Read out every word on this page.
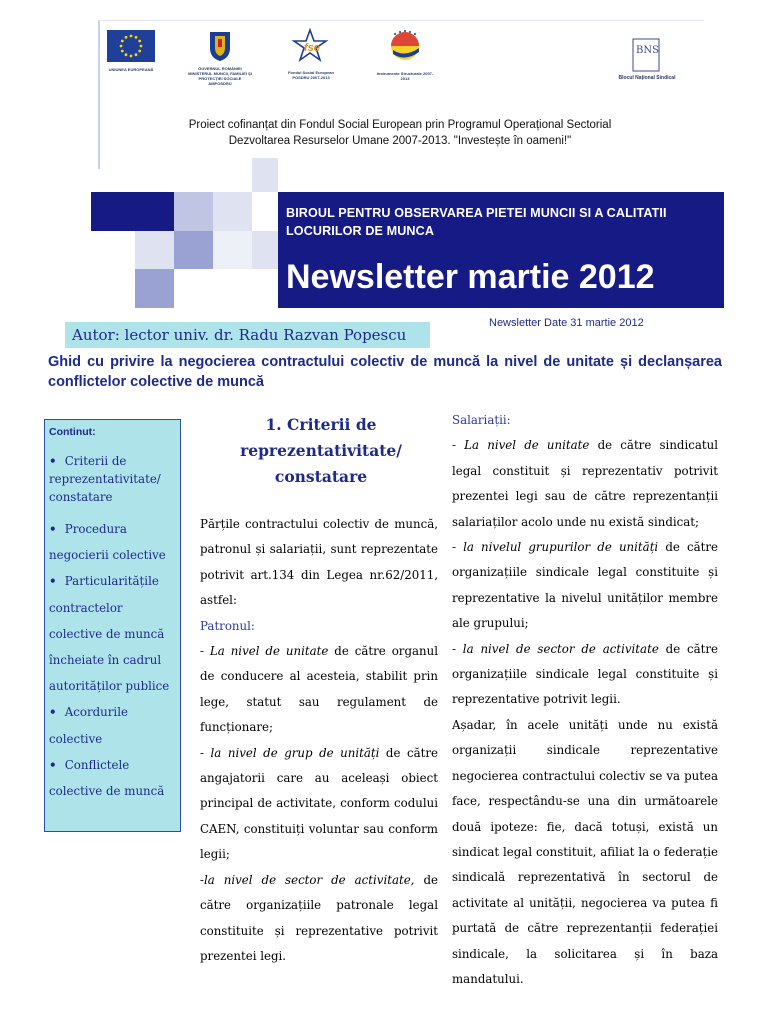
UNIUNEA EUROPEANĂ	GUVERNUL ROMÂNIEI MINISTERUL MUNCII, FAMILIEI ȘI PROTECȚIEI SOCIALE AMPOSDRU
fse
Fondul Social European POSDRU 2007-2013
Instrumente Structurale 2007-2013
BNS
Blocul Național Sindical
Proiect cofinanțat din Fondul Social European prin Programul Operațional Sectorial
Dezvoltarea Resurselor Umane 2007-2013. "Investește în oameni!"
BIROUL PENTRU OBSERVAREA PIETEI MUNCII SI A CALITATII LOCURILOR DE MUNCA
Newsletter martie 2012
Autor: lector univ. dr. Radu Razvan Popescu
Newsletter Date 31 martie 2012
Ghid cu privire la negocierea contractului colectiv de muncă la nivel de unitate și declanșarea conflictelor colective de muncă
Continut:
•  Criterii de reprezentativitate/ constatare
•  Procedura negocierii colective
•  Particularitățile contractelor colective de muncă încheiate în cadrul autorităților publice
•  Acordurile colective
•  Conflictele colective de muncă
1. Criterii de reprezentativitate/ constatare

Părțile contractului colectiv de muncă, patronul și salariații, sunt reprezentate potrivit art.134 din Legea nr.62/2011, astfel:

Patronul:

- La nivel de unitate de către organul de conducere al acesteia, stabilit prin lege, statut sau regulament de funcționare;

- la nivel de grup de unități de către angajatorii care au aceleași obiect principal de activitate, conform codului CAEN, constituiți voluntar sau conform legii;

-la nivel de sector de activitate, de către organizațiile patronale legal constituite și reprezentative potrivit prezentei legi.

Salariații:

- La nivel de unitate de către sindicatul legal constituit și reprezentativ potrivit prezentei legi sau de către reprezentanții salariaților acolo unde nu există sindicat;

- la nivelul grupurilor de unități de către organizațiile sindicale legal constituite și reprezentative la nivelul unităților membre ale grupului;

- la nivel de sector de activitate de către organizațiile sindicale legal constituite și reprezentative potrivit legii.

Așadar, în acele unități unde nu există organizații sindicale reprezentative negocierea contractului colectiv se va putea face, respectându-se una din următoarele două ipoteze: fie, dacă totuși, există un sindicat legal constituit, afiliat la o federație sindicală reprezentativă în sectorul de activitate al unității, negocierea va putea fi purtată de către reprezentanții federației sindicale, la solicitarea și în baza mandatului.
